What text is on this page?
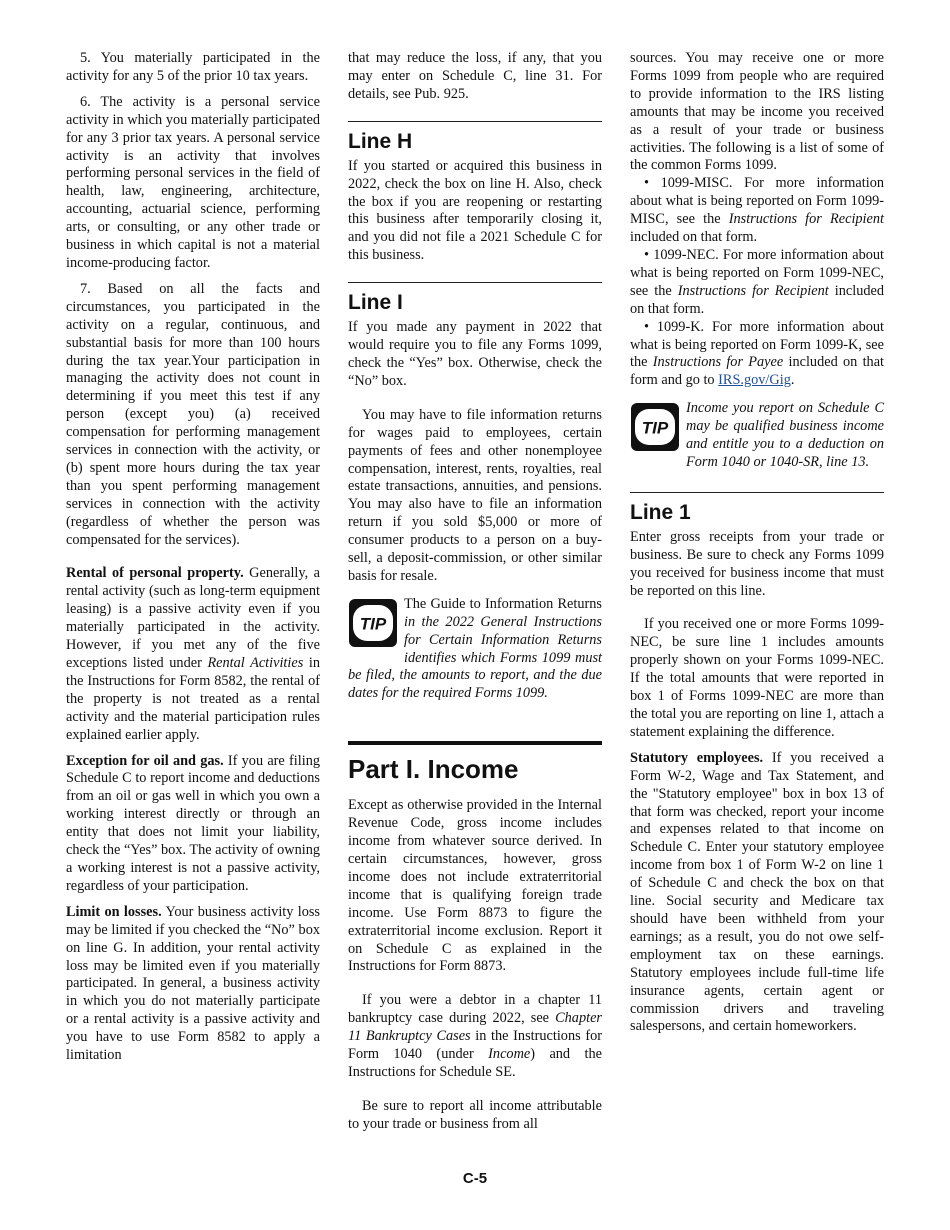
5. You materially participated in the activity for any 5 of the prior 10 tax years.

6. The activity is a personal service activity in which you materially participated for any 3 prior tax years. A personal service activity is an activity that involves performing personal services in the field of health, law, engineering, architecture, accounting, actuarial science, performing arts, or consulting, or any other trade or business in which capital is not a material income-producing factor.

7. Based on all the facts and circumstances, you participated in the activity on a regular, continuous, and substantial basis for more than 100 hours during the tax year.Your participation in managing the activity does not count in determining if you meet this test if any person (except you) (a) received compensation for performing management services in connection with the activity, or (b) spent more hours during the tax year than you spent performing management services in connection with the activity (regardless of whether the person was compensated for the services).

Rental of personal property. Generally, a rental activity (such as long-term equipment leasing) is a passive activity even if you materially participated in the activity. However, if you met any of the five exceptions listed under Rental Activities in the Instructions for Form 8582, the rental of the property is not treated as a rental activity and the material participation rules explained earlier apply.

Exception for oil and gas. If you are filing Schedule C to report income and deductions from an oil or gas well in which you own a working interest directly or through an entity that does not limit your liability, check the “Yes” box. The activity of owning a working interest is not a passive activity, regardless of your participation.

Limit on losses. Your business activity loss may be limited if you checked the “No” box on line G. In addition, your rental activity loss may be limited even if you materially participated. In general, a business activity in which you do not materially participate or a rental activity is a passive activity and you have to use Form 8582 to apply a limitation

that may reduce the loss, if any, that you may enter on Schedule C, line 31. For details, see Pub. 925.

Line H

If you started or acquired this business in 2022, check the box on line H. Also, check the box if you are reopening or restarting this business after temporarily closing it, and you did not file a 2021 Schedule C for this business.

Line I

If you made any payment in 2022 that would require you to file any Forms 1099, check the “Yes” box. Otherwise, check the “No” box.

You may have to file information returns for wages paid to employees, certain payments of fees and other nonemployee compensation, interest, rents, royalties, real estate transactions, annuities, and pensions. You may also have to file an information return if you sold $5,000 or more of consumer products to a person on a buy-sell, a deposit-commission, or other similar basis for resale.

TIP
The Guide to Information Returns in the 2022 General Instructions for Certain Information Returns identifies which Forms 1099 must be filed, the amounts to report, and the due dates for the required Forms 1099.
Part I. Income

Except as otherwise provided in the Internal Revenue Code, gross income includes income from whatever source derived. In certain circumstances, however, gross income does not include extraterritorial income that is qualifying foreign trade income. Use Form 8873 to figure the extraterritorial income exclusion. Report it on Schedule C as explained in the Instructions for Form 8873.

If you were a debtor in a chapter 11 bankruptcy case during 2022, see Chapter 11 Bankruptcy Cases in the Instructions for Form 1040 (under Income) and the Instructions for Schedule SE.

Be sure to report all income attributable to your trade or business from all

sources. You may receive one or more Forms 1099 from people who are required to provide information to the IRS listing amounts that may be income you received as a result of your trade or business activities. The following is a list of some of the common Forms 1099.

• 1099-MISC. For more information about what is being reported on Form 1099-MISC, see the Instructions for Recipient included on that form.

• 1099-NEC. For more information about what is being reported on Form 1099-NEC, see the Instructions for Recipient included on that form.

• 1099-K. For more information about what is being reported on Form 1099-K, see the Instructions for Payee included on that form and go to IRS.gov/Gig.

TIP
Income you report on Schedule C may be qualified business income and entitle you to a deduction on Form 1040 or 1040-SR, line 13.
Line 1

Enter gross receipts from your trade or business. Be sure to check any Forms 1099 you received for business income that must be reported on this line.

If you received one or more Forms 1099-NEC, be sure line 1 includes amounts properly shown on your Forms 1099-NEC. If the total amounts that were reported in box 1 of Forms 1099-NEC are more than the total you are reporting on line 1, attach a statement explaining the difference.

Statutory employees. If you received a Form W-2, Wage and Tax Statement, and the "Statutory employee" box in box 13 of that form was checked, report your income and expenses related to that income on Schedule C. Enter your statutory employee income from box 1 of Form W-2 on line 1 of Schedule C and check the box on that line. Social security and Medicare tax should have been withheld from your earnings; as a result, you do not owe self-employment tax on these earnings. Statutory employees include full-time life insurance agents, certain agent or commission drivers and traveling salespersons, and certain homeworkers.

C-5
